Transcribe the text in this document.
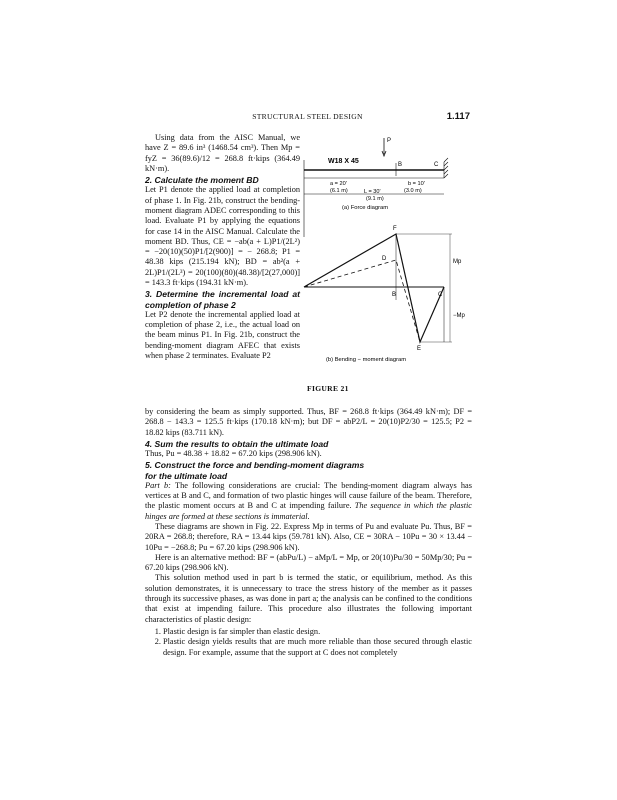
STRUCTURAL STEEL DESIGN	1.117

Using data from the AISC Manual, we have Z = 89.6 in³ (1468.54 cm³). Then Mp = fyZ = 36(89.6)/12 = 268.8 ft·kips (364.49 kN·m).

2. Calculate the moment BD

Let P1 denote the applied load at completion of phase 1. In Fig. 21b, construct the bending-moment diagram ADEC corresponding to this load. Evaluate P1 by applying the equations for case 14 in the AISC Manual. Calculate the moment BD. Thus, CE = −ab(a + L)P1/(2L²) = −20(10)(50)P1/[2(900)] = − 268.8; P1 = 48.38 kips (215.194 kN); BD = ab²(a + 2L)P1/(2L³) = 20(100)(80)(48.38)/[2(27,000)] = 143.3 ft·kips (194.31 kN·m).

3. Determine the incremental load at completion of phase 2

Let P2 denote the incremental applied load at completion of phase 2, i.e., the actual load on the beam minus P1. In Fig. 21b, construct the bending-moment diagram AFEC that exists when phase 2 terminates. Evaluate P2

P
B	C
W18 X 45
a = 20'
(6.1 m)
b = 10'
(3.0 m)
L = 30'
(9.1 m)
(a) Force diagram
F
D
B	C
E
Mp
−Mp
(b) Bending − moment diagram
FIGURE 21

by considering the beam as simply supported. Thus, BF = 268.8 ft·kips (364.49 kN·m); DF = 268.8 − 143.3 = 125.5 ft·kips (170.18 kN·m); but DF = abP2/L = 20(10)P2/30 = 125.5; P2 = 18.82 kips (83.711 kN).

4. Sum the results to obtain the ultimate load

Thus, Pu = 48.38 + 18.82 = 67.20 kips (298.906 kN).

5. Construct the force and bending-moment diagrams
for the ultimate load

Part b: The following considerations are crucial: The bending-moment diagram always has vertices at B and C, and formation of two plastic hinges will cause failure of the beam. Therefore, the plastic moment occurs at B and C at impending failure. The sequence in which the plastic hinges are formed at these sections is immaterial.

These diagrams are shown in Fig. 22. Express Mp in terms of Pu and evaluate Pu. Thus, BF = 20RA = 268.8; therefore, RA = 13.44 kips (59.781 kN). Also, CE = 30RA − 10Pu = 30 × 13.44 − 10Pu = −268.8; Pu = 67.20 kips (298.906 kN).

Here is an alternative method: BF = (abPu/L) − aMp/L = Mp, or 20(10)Pu/30 = 50Mp/30; Pu = 67.20 kips (298.906 kN).

This solution method used in part b is termed the static, or equilibrium, method. As this solution demonstrates, it is unnecessary to trace the stress history of the member as it passes through its successive phases, as was done in part a; the analysis can be confined to the conditions that exist at impending failure. This procedure also illustrates the following important characteristics of plastic design:

1. Plastic design is far simpler than elastic design.
2. Plastic design yields results that are much more reliable than those secured through elastic design. For example, assume that the support at C does not completely
